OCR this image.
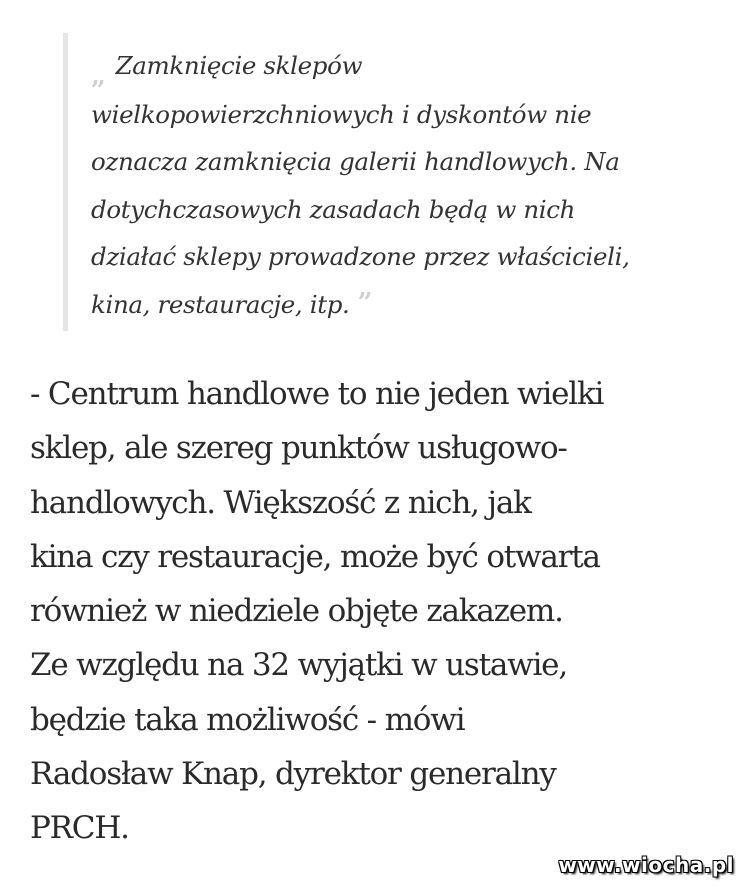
„ Zamknięcie sklepów
wielkopowierzchniowych i dyskontów nie
oznacza zamknięcia galerii handlowych. Na
dotychczasowych zasadach będą w nich
działać sklepy prowadzone przez właścicieli,
kina, restauracje, itp. ”

- Centrum handlowe to nie jeden wielki
sklep, ale szereg punktów usługowo-
handlowych. Większość z nich, jak
kina czy restauracje, może być otwarta
również w niedziele objęte zakazem.
Ze względu na 32 wyjątki w ustawie,
będzie taka możliwość - mówi
Radosław Knap, dyrektor generalny
PRCH.

www.wiocha.pl
